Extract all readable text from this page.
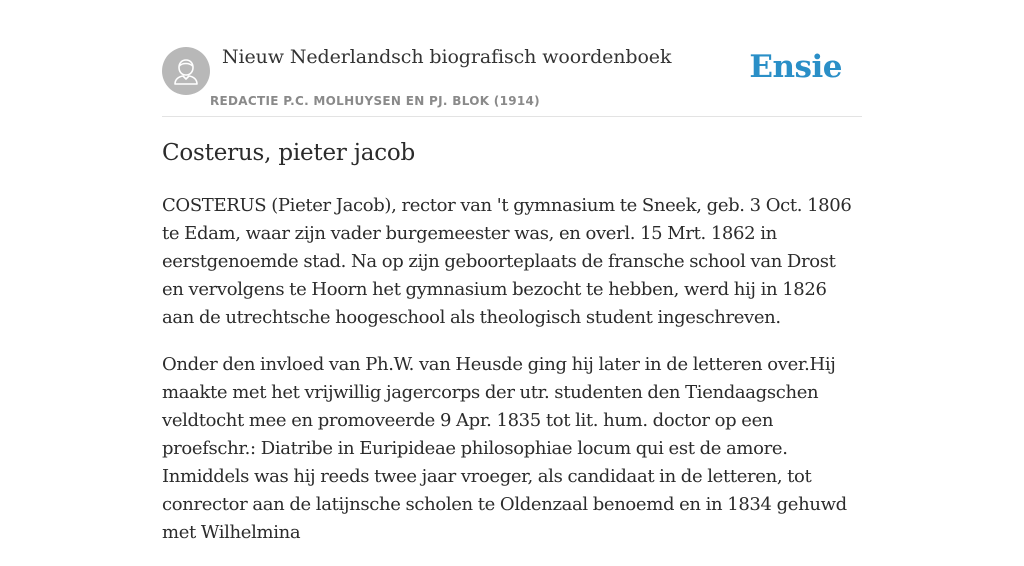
Nieuw Nederlandsch biografisch woordenboek
REDACTIE P.C. MOLHUYSEN EN PJ. BLOK (1914)
Ensie
Costerus, pieter jacob

COSTERUS (Pieter Jacob), rector van 't gymnasium te Sneek, geb. 3 Oct. 1806 te Edam, waar zijn vader burgemeester was, en overl. 15 Mrt. 1862 in eerstgenoemde stad. Na op zijn geboorteplaats de fransche school van Drost en vervolgens te Hoorn het gymnasium bezocht te hebben, werd hij in 1826 aan de utrechtsche hoogeschool als theologisch student ingeschreven.

Onder den invloed van Ph.W. van Heusde ging hij later in de letteren over.Hij maakte met het vrijwillig jagercorps der utr. studenten den Tiendaagschen veldtocht mee en promoveerde 9 Apr. 1835 tot lit. hum. doctor op een proefschr.: Diatribe in Euripideae philosophiae locum qui est de amore. Inmiddels was hij reeds twee jaar vroeger, als candidaat in de letteren, tot conrector aan de latijnsche scholen te Oldenzaal benoemd en in 1834 gehuwd met Wilhelmina
